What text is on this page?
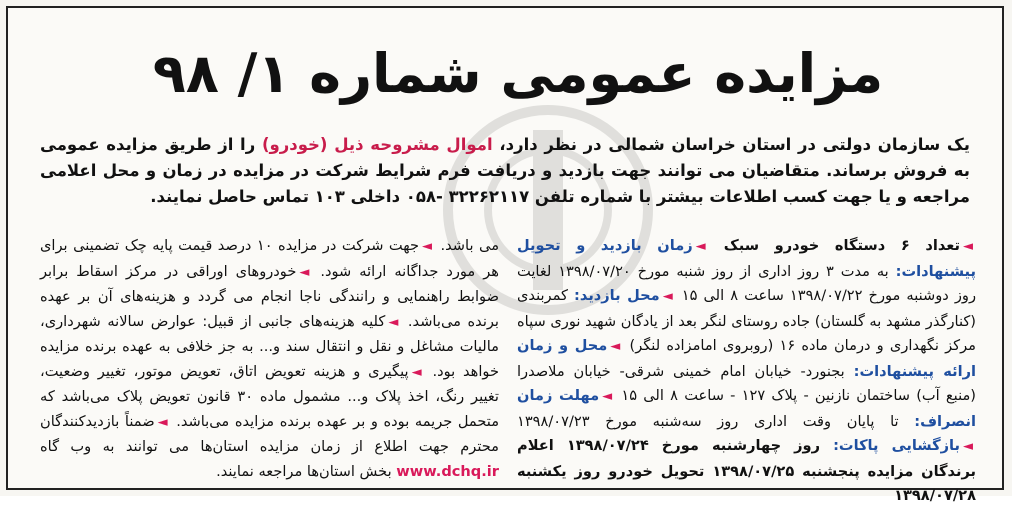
مزایده عمومی شماره ۱/ ۹۸
یک سازمان دولتی در استان خراسان شمالی در نظر دارد، اموال مشروحه ذیل (خودرو) را از طریق مزایده عمومی به فروش برساند. متقاضیان می توانند جهت بازدید و دریافت فرم شرایط شرکت در مزایده در زمان و محل اعلامی مراجعه و یا جهت کسب اطلاعات بیشتر با شماره تلفن ۳۲۲۶۲۱۱۷ -۰۵۸ داخلی ۱۰۳ تماس حاصل نمایند.
◄تعداد ۶ دستگاه خودرو سبک ◄زمان بازدید و تحویل پیشنهادات: به مدت ۳ روز اداری از روز شنبه مورخ ۱۳۹۸/۰۷/۲۰ لغایت روز دوشنبه مورخ ۱۳۹۸/۰۷/۲۲ ساعت ۸ الی ۱۵ ◄محل بازدید: کمربندی (کنارگذر مشهد به گلستان) جاده روستای لنگر بعد از یادگان شهید نوری سپاه مرکز نگهداری و درمان ماده ۱۶ (روبروی امامزاده لنگر) ◄محل و زمان ارائه پیشنهادات: بجنورد- خیابان امام خمینی شرقی- خیابان ملاصدرا (منبع آب) ساختمان نازنین - پلاک ۱۲۷ - ساعت ۸ الی ۱۵ ◄مهلت زمان انصراف: تا پایان وقت اداری روز سه‌شنبه مورخ ۱۳۹۸/۰۷/۲۳ ◄بازگشایی پاکات: روز چهارشنبه مورخ ۱۳۹۸/۰۷/۲۴ اعلام برندگان مزایده پنجشنبه ۱۳۹۸/۰۷/۲۵ تحویل خودرو روز یکشنبه ۱۳۹۸/۰۷/۲۸
می باشد. ◄جهت شرکت در مزایده ۱۰ درصد قیمت پایه چک تضمینی برای هر مورد جداگانه ارائه شود. ◄خودروهای اوراقی در مرکز اسقاط برابر ضوابط راهنمایی و رانندگی ناجا انجام می گردد و هزینه‌های آن بر عهده برنده می‌باشد. ◄کلیه هزینه‌های جانبی از قبیل: عوارض سالانه شهرداری، مالیات مشاغل و نقل و انتقال سند و... به جز خلافی به عهده برنده مزایده خواهد بود. ◄پیگیری و هزینه تعویض اتاق، تعویض موتور، تغییر وضعیت، تغییر رنگ، اخذ پلاک و... مشمول ماده ۳۰ قانون تعویض پلاک می‌باشد که متحمل جریمه بوده و بر عهده برنده مزایده می‌باشد. ◄ضمناً بازدیدکنندگان محترم جهت اطلاع از زمان مزایده استان‌ها می توانند به وب گاه www.dchq.ir بخش استان‌ها مراجعه نمایند.
